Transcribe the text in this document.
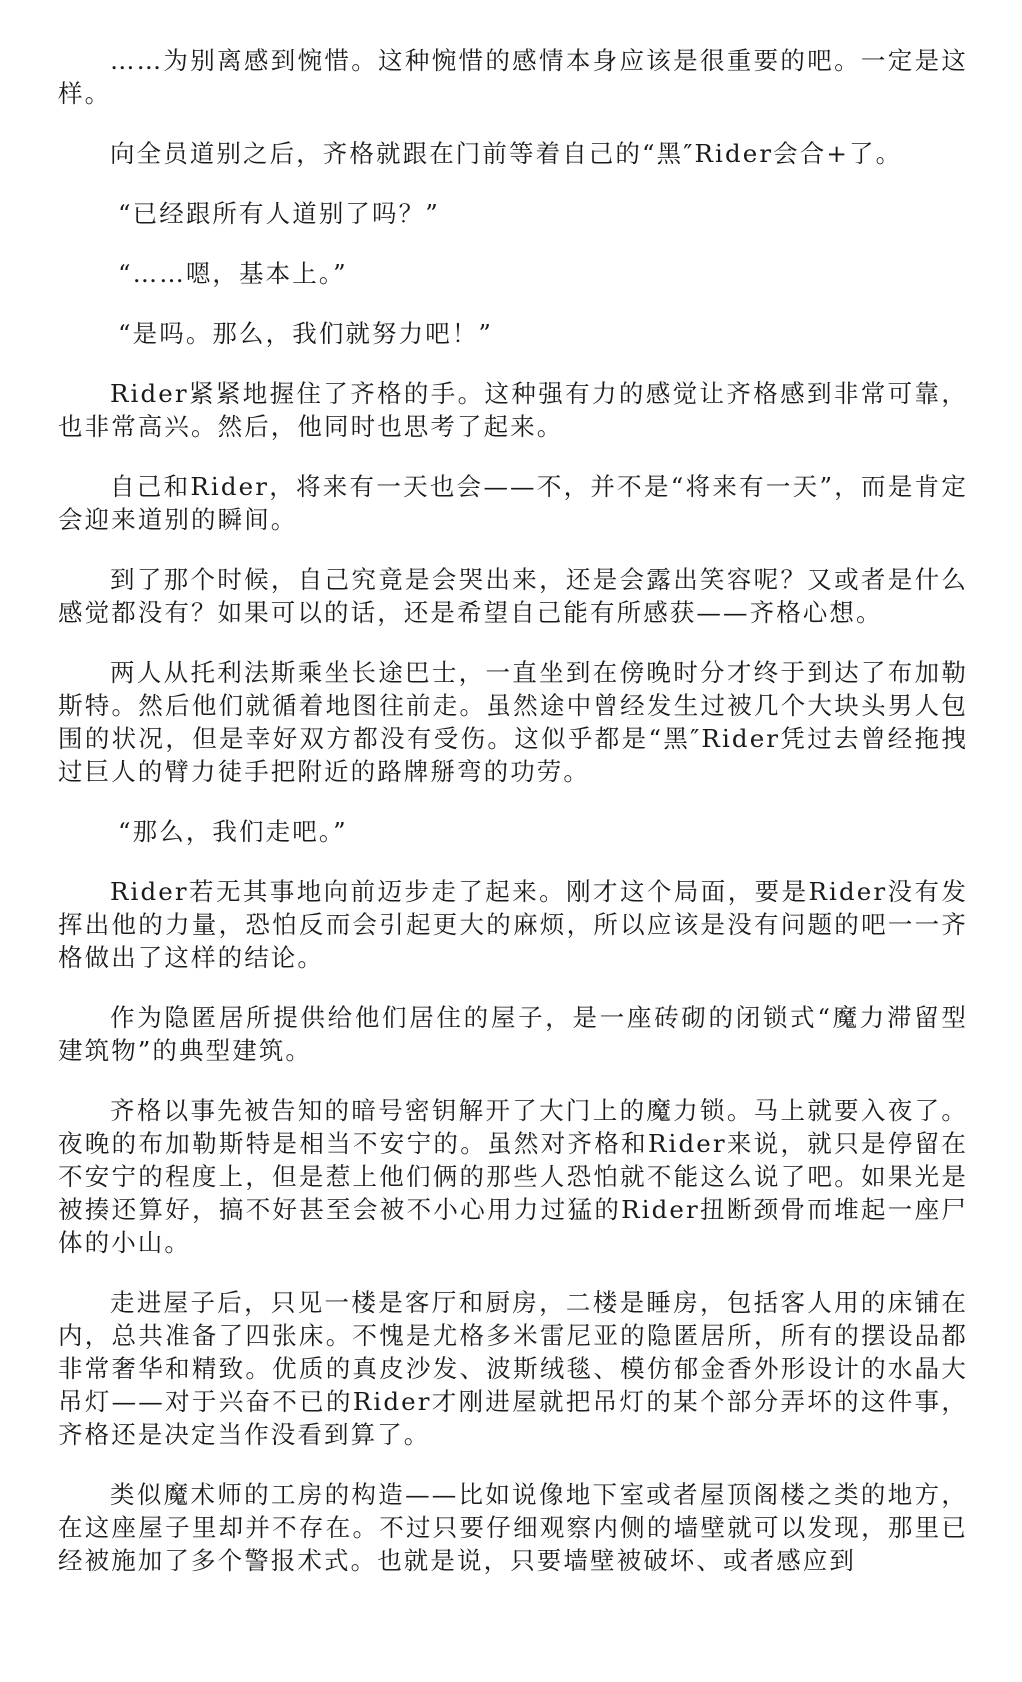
……为别离感到惋惜。这种惋惜的感情本身应该是很重要的吧。一定是这样。

向全员道别之后，齐格就跟在门前等着自己的“黑″Rider会合+了。

“已经跟所有人道别了吗？”

“……嗯，基本上。”

“是吗。那么，我们就努力吧！”

Rider紧紧地握住了齐格的手。这种强有力的感觉让齐格感到非常可靠，也非常高兴。然后，他同时也思考了起来。

自己和Rider，将来有一天也会——不，并不是“将来有一天”，而是肯定会迎来道别的瞬间。

到了那个时候，自己究竟是会哭出来，还是会露出笑容呢？又或者是什么感觉都没有？如果可以的话，还是希望自己能有所感获——齐格心想。

两人从托利法斯乘坐长途巴士，一直坐到在傍晚时分才终于到达了布加勒斯特。然后他们就循着地图往前走。虽然途中曾经发生过被几个大块头男人包围的状况，但是幸好双方都没有受伤。这似乎都是“黑″Rider凭过去曾经拖拽过巨人的臂力徒手把附近的路牌掰弯的功劳。

“那么，我们走吧。”

Rider若无其事地向前迈步走了起来。刚才这个局面，要是Rider没有发挥出他的力量，恐怕反而会引起更大的麻烦，所以应该是没有问题的吧一一齐格做出了这样的结论。

作为隐匿居所提供给他们居住的屋子，是一座砖砌的闭锁式“魔力滞留型建筑物”的典型建筑。

齐格以事先被告知的暗号密钥解开了大门上的魔力锁。马上就要入夜了。夜晚的布加勒斯特是相当不安宁的。虽然对齐格和Rider来说，就只是停留在不安宁的程度上，但是惹上他们俩的那些人恐怕就不能这么说了吧。如果光是被揍还算好，搞不好甚至会被不小心用力过猛的Rider扭断颈骨而堆起一座尸体的小山。

走进屋子后，只见一楼是客厅和厨房，二楼是睡房，包括客人用的床铺在内，总共准备了四张床。不愧是尤格多米雷尼亚的隐匿居所，所有的摆设品都非常奢华和精致。优质的真皮沙发、波斯绒毯、模仿郁金香外形设计的水晶大吊灯——对于兴奋不已的Rider才刚进屋就把吊灯的某个部分弄坏的这件事，齐格还是决定当作没看到算了。

类似魔术师的工房的构造——比如说像地下室或者屋顶阁楼之类的地方，在这座屋子里却并不存在。不过只要仔细观察内侧的墙壁就可以发现，那里已经被施加了多个警报术式。也就是说，只要墙壁被破坏、或者感应到
